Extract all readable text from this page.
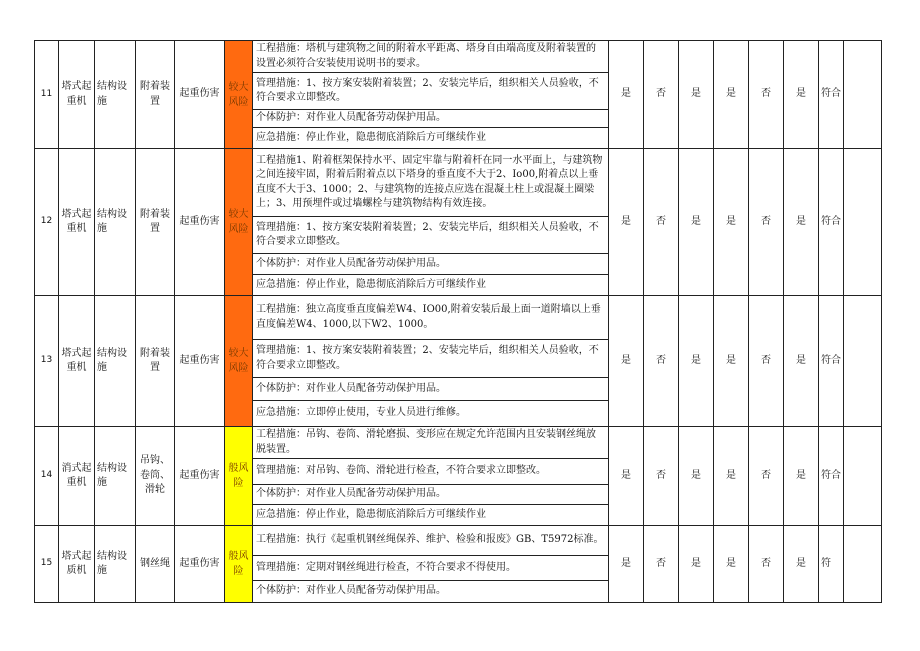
11	塔式起重机	结构设施	附着装置	起重伤害	较大风险	工程措施：塔机与建筑物之间的附着水平距离、塔身自由端高度及附着装置的设置必须符合安装使用说明书的要求。	是	否	是	是	否	是	符合	
						管理措施：1、按方案安装附着装置；2、安装完毕后，组织相关人员验收，不符合要求立即整改。								
						个体防护：对作业人员配备劳动保护用品。								
						应急措施：停止作业，隐患彻底消除后方可继续作业								
12	塔式起重机	结构设施	附着装置	起重伤害	较大风险	工程措施1、附着框架保持水平、固定牢靠与附着杆在同一水平面上，与建筑物之间连接牢固，附着后附着点以下塔身的垂直度不大于2、Io00,附着点以上垂直度不大于3、1000；2、与建筑物的连接点应选在混凝土柱上或混凝土圈梁上；3、用预埋件或过墙螺栓与建筑物结构有效连接。	是	否	是	是	否	是	符合	
						管理措施：1、按方案安装附着装置；2、安装完毕后，组织相关人员验收，不符合要求立即整改。								
						个体防护：对作业人员配备劳动保护用品。								
						应急措施：停止作业，隐患彻底消除后方可继续作业								
13	塔式起重机	结构设施	附着装置	起重伤害	较大风险	工程措施：独立高度垂直度偏差W4、IO00,附着安装后最上面一道附墙以上垂直度偏差W4、1000,以下W2、1000。	是	否	是	是	否	是	符合	
						管理措施：1、按方案安装附着装置；2、安装完毕后，组织相关人员验收，不符合要求立即整改。								
						个体防护：对作业人员配备劳动保护用品。								
						应急措施：立即停止使用，专业人员进行维修。								
14	消式起重机	结构设施	吊钩、卷筒、滑轮	起重伤害	般风险	工程措施：吊钩、卷筒、滑轮磨损、变形应在规定允许范围内且安装钢丝绳放脱装置。	是	否	是	是	否	是	符合	
						管理措施：对吊钩、卷筒、滑轮进行检查，不符合要求立即整改。								
						个体防护：对作业人员配备劳动保护用品。								
						应急措施：停止作业，隐患彻底消除后方可继续作业								
15	塔式起质机	结构设施	钢丝绳	起重伤害	般风险	工程措施：执行《起重机钢丝绳保养、维护、检验和报废》GB、T5972标准。	是	否	是	是	否	是	符	
						管理措施：定期对钢丝绳进行检查，不符合要求不得使用。								
						个体防护：对作业人员配备劳动保护用品。								
